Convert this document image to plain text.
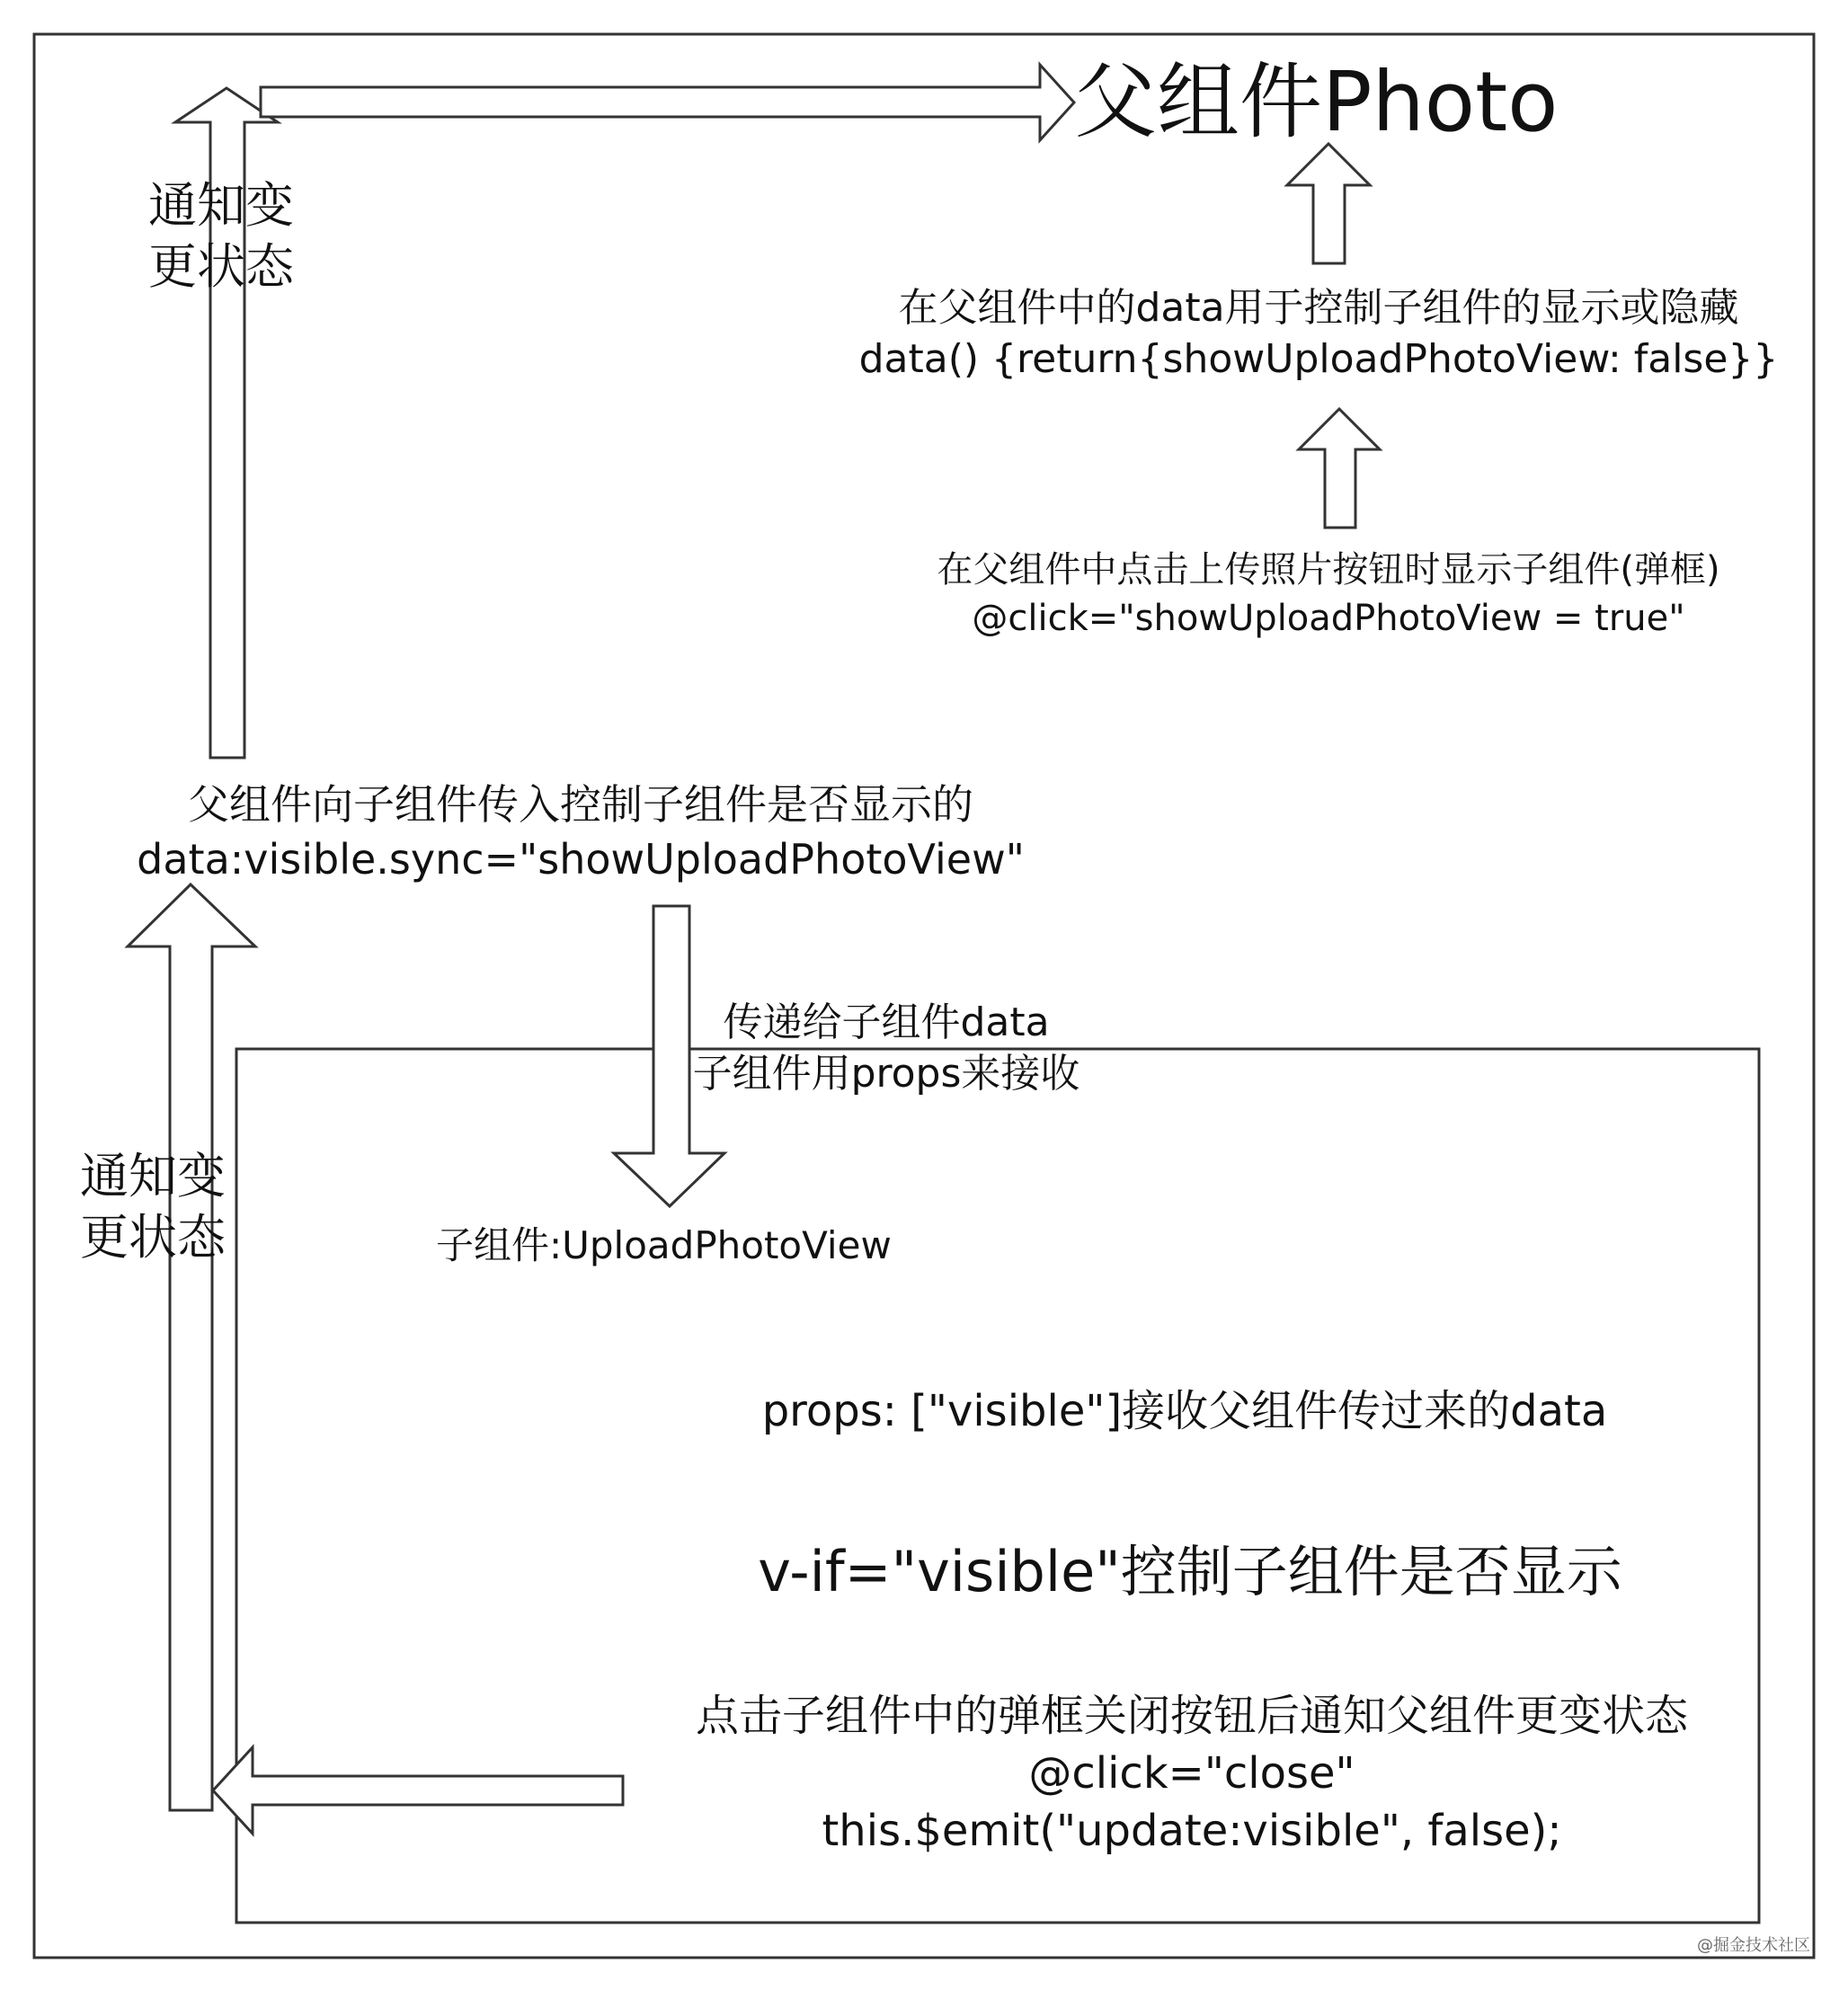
父组件Photo
通知变
更状态
在父组件中的data用于控制子组件的显示或隐藏
data() {return{showUploadPhotoView: false}}
在父组件中点击上传照片按钮时显示子组件(弹框)
@click="showUploadPhotoView = true"
父组件向子组件传入控制子组件是否显示的
data:visible.sync="showUploadPhotoView"
传递给子组件data
子组件用props来接收
通知变
更状态	子组件:UploadPhotoView
props: ["visible"]接收父组件传过来的data
v-if="visible"控制子组件是否显示
点击子组件中的弹框关闭按钮后通知父组件更变状态
@click="close"
this.$emit("update:visible", false);
@掘金技术社区
